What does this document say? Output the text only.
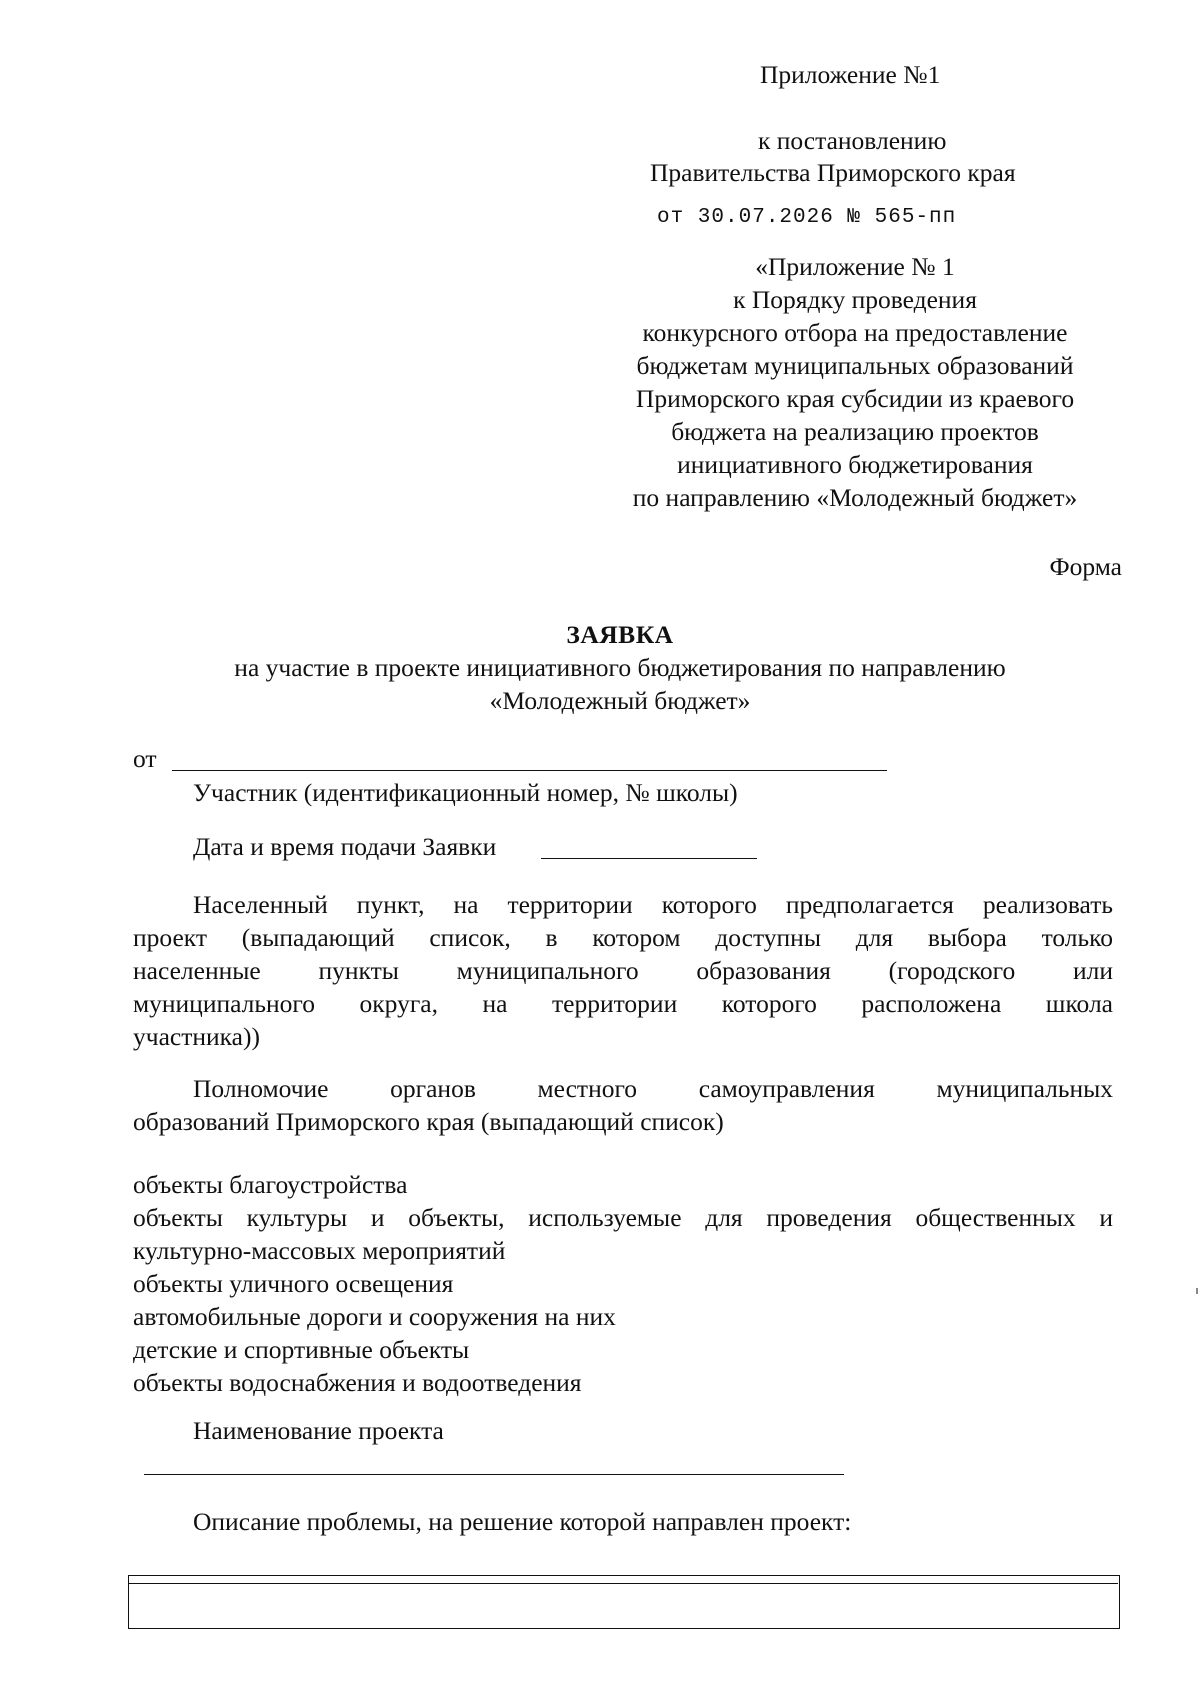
Приложение №1
к постановлению
Правительства Приморского края
от 30.07.2026 № 565-пп
«Приложение № 1
к Порядку проведения
конкурсного отбора на предоставление
бюджетам муниципальных образований
Приморского края субсидии из краевого
бюджета на реализацию проектов
инициативного бюджетирования
по направлению «Молодежный бюджет»
Форма
ЗАЯВКА
на участие в проекте инициативного бюджетирования по направлению
«Молодежный бюджет»
от
Участник (идентификационный номер, № школы)
Дата и время подачи Заявки
Населенный пункт, на территории которого предполагается реализовать
проект (выпадающий список, в котором доступны для выбора только
населенные пункты муниципального образования (городского или
муниципального округа, на территории которого расположена школа
участника))
Полномочие органов местного самоуправления муниципальных
образований Приморского края (выпадающий список)
объекты благоустройства
объекты культуры и объекты, используемые для проведения общественных и
культурно-массовых мероприятий
объекты уличного освещения
автомобильные дороги и сооружения на них
детские и спортивные объекты
объекты водоснабжения и водоотведения
Наименование проекта
Описание проблемы, на решение которой направлен проект:
